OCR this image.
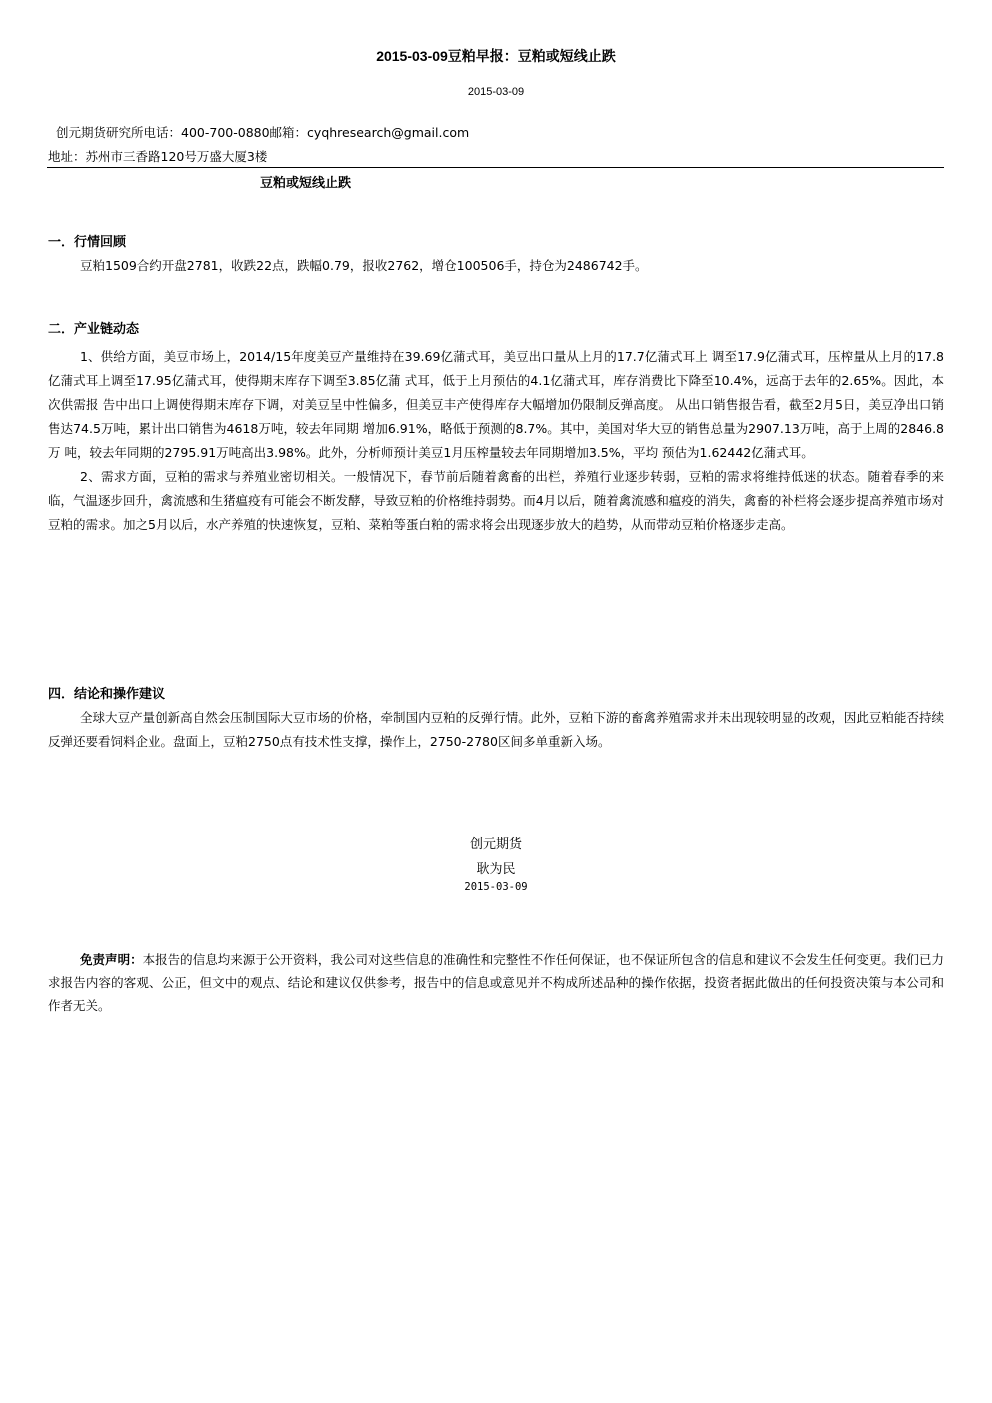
2015-03-09豆粕早报：豆粕或短线止跌
2015-03-09
创元期货研究所电话：400-700-0880邮箱：cyqhresearch@gmail.com
地址：苏州市三香路120号万盛大厦3楼
豆粕或短线止跌
一．行情回顾

豆粕1509合约开盘2781，收跌22点，跌幅0.79，报收2762，增仓100506手，持仓为2486742手。

二．产业链动态

1、供给方面，美豆市场上，2014/15年度美豆产量维持在39.69亿蒲式耳，美豆出口量从上月的17.7亿蒲式耳上 调至17.9亿蒲式耳，压榨量从上月的17.8亿蒲式耳上调至17.95亿蒲式耳，使得期末库存下调至3.85亿蒲 式耳，低于上月预估的4.1亿蒲式耳，库存消费比下降至10.4%，远高于去年的2.65%。因此，本次供需报 告中出口上调使得期末库存下调，对美豆呈中性偏多，但美豆丰产使得库存大幅增加仍限制反弹高度。 从出口销售报告看，截至2月5日，美豆净出口销售达74.5万吨，累计出口销售为4618万吨，较去年同期 增加6.91%，略低于预测的8.7%。其中，美国对华大豆的销售总量为2907.13万吨，高于上周的2846.8万 吨，较去年同期的2795.91万吨高出3.98%。此外，分析师预计美豆1月压榨量较去年同期增加3.5%，平均 预估为1.62442亿蒲式耳。

2、需求方面，豆粕的需求与养殖业密切相关。一般情况下，春节前后随着禽畜的出栏，养殖行业逐步转弱，豆粕的需求将维持低迷的状态。随着春季的来临，气温逐步回升，禽流感和生猪瘟疫有可能会不断发酵，导致豆粕的价格维持弱势。而4月以后，随着禽流感和瘟疫的消失，禽畜的补栏将会逐步提高养殖市场对豆粕的需求。加之5月以后，水产养殖的快速恢复，豆粕、菜粕等蛋白粕的需求将会出现逐步放大的趋势，从而带动豆粕价格逐步走高。

四．结论和操作建议

全球大豆产量创新高自然会压制国际大豆市场的价格，牵制国内豆粕的反弹行情。此外，豆粕下游的畜禽养殖需求并未出现较明显的改观，因此豆粕能否持续反弹还要看饲料企业。盘面上，豆粕2750点有技术性支撑，操作上，2750-2780区间多单重新入场。

创元期货
耿为民
2015-03-09

免责声明：本报告的信息均来源于公开资料，我公司对这些信息的准确性和完整性不作任何保证，也不保证所包含的信息和建议不会发生任何变更。我们已力求报告内容的客观、公正，但文中的观点、结论和建议仅供参考，报告中的信息或意见并不构成所述品种的操作依据，投资者据此做出的任何投资决策与本公司和作者无关。
